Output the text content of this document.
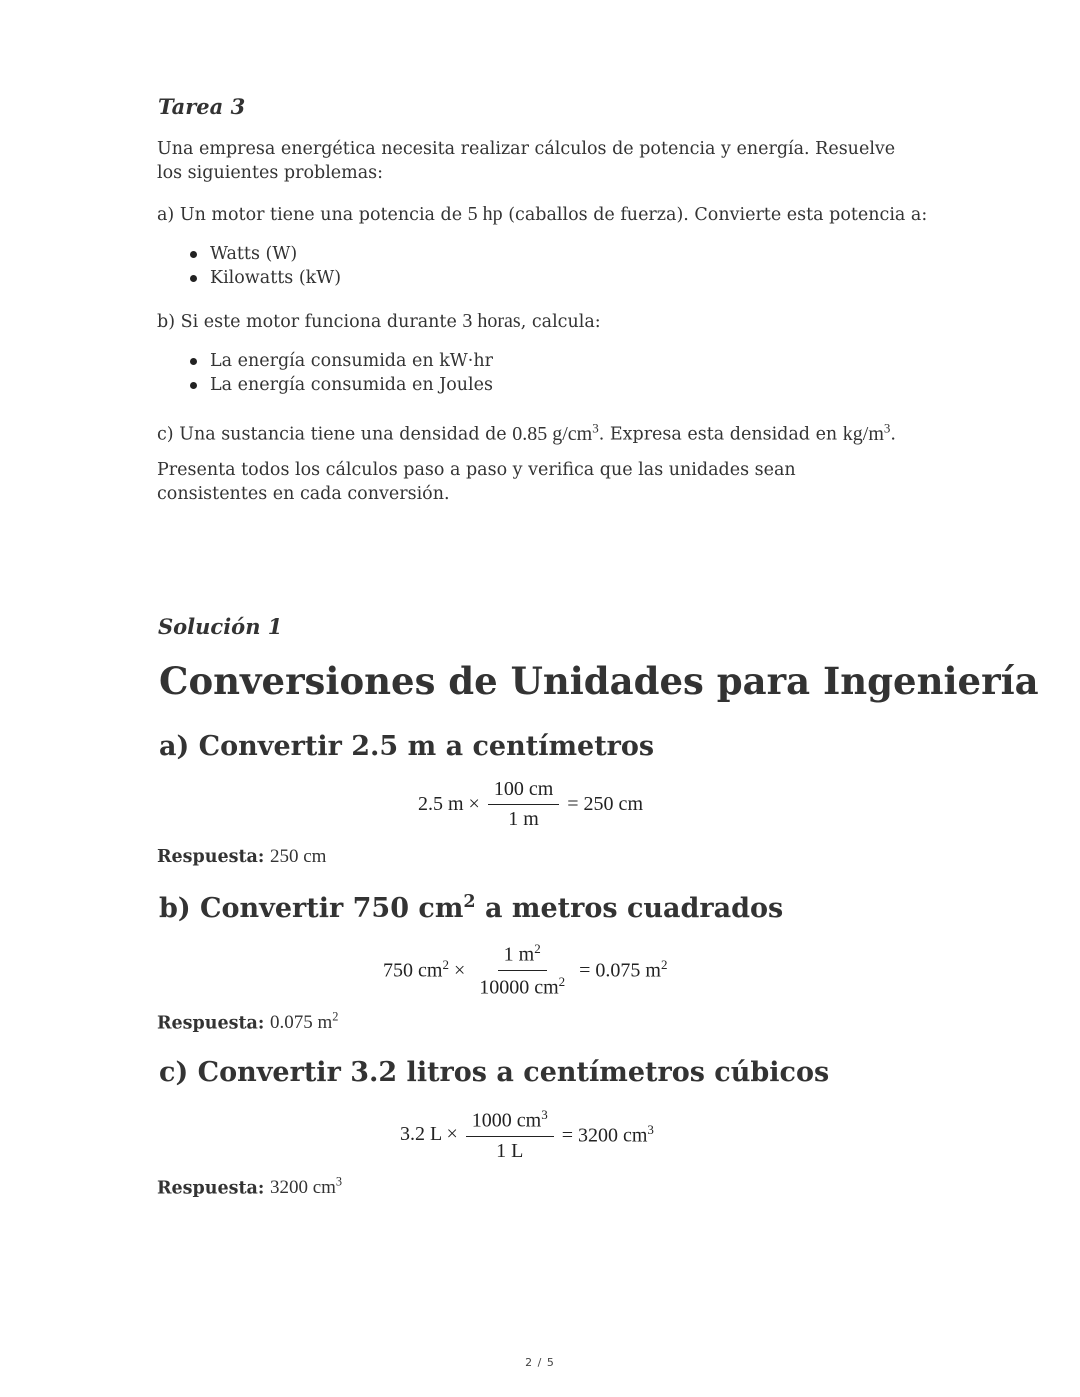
Tarea 3
Una empresa energética necesita realizar cálculos de potencia y energía. Resuelve los siguientes problemas:
a) Un motor tiene una potencia de 5 hp (caballos de fuerza). Convierte esta potencia a:
Watts (W)
Kilowatts (kW)
b) Si este motor funciona durante 3 horas, calcula:
La energía consumida en kW·hr
La energía consumida en Joules
c) Una sustancia tiene una densidad de 0.85 $g/cm^3$. Expresa esta densidad en $kg/m^3$.
Presenta todos los cálculos paso a paso y verifica que las unidades sean consistentes en cada conversión.
Solución 1
Conversiones de Unidades para Ingeniería
a) Convertir 2.5 m a centímetros
2.5 $m \times \frac{100 cm}{1 m} = 250$ cm
Respuesta: 250 cm
b) Convertir 750 $cm^2$ a metros cuadrados
750 $cm^2 \times \frac{1 m^2}{10000 cm^2} = 0.075$ $m^2$
Respuesta: 0.075 $m^2$
c) Convertir 3.2 litros a centímetros cúbicos
3.2 $L \times \frac{1000 cm^3}{1 L} = 3200$ $cm^3$
Respuesta: 3200 $cm^3$
2 / 5
